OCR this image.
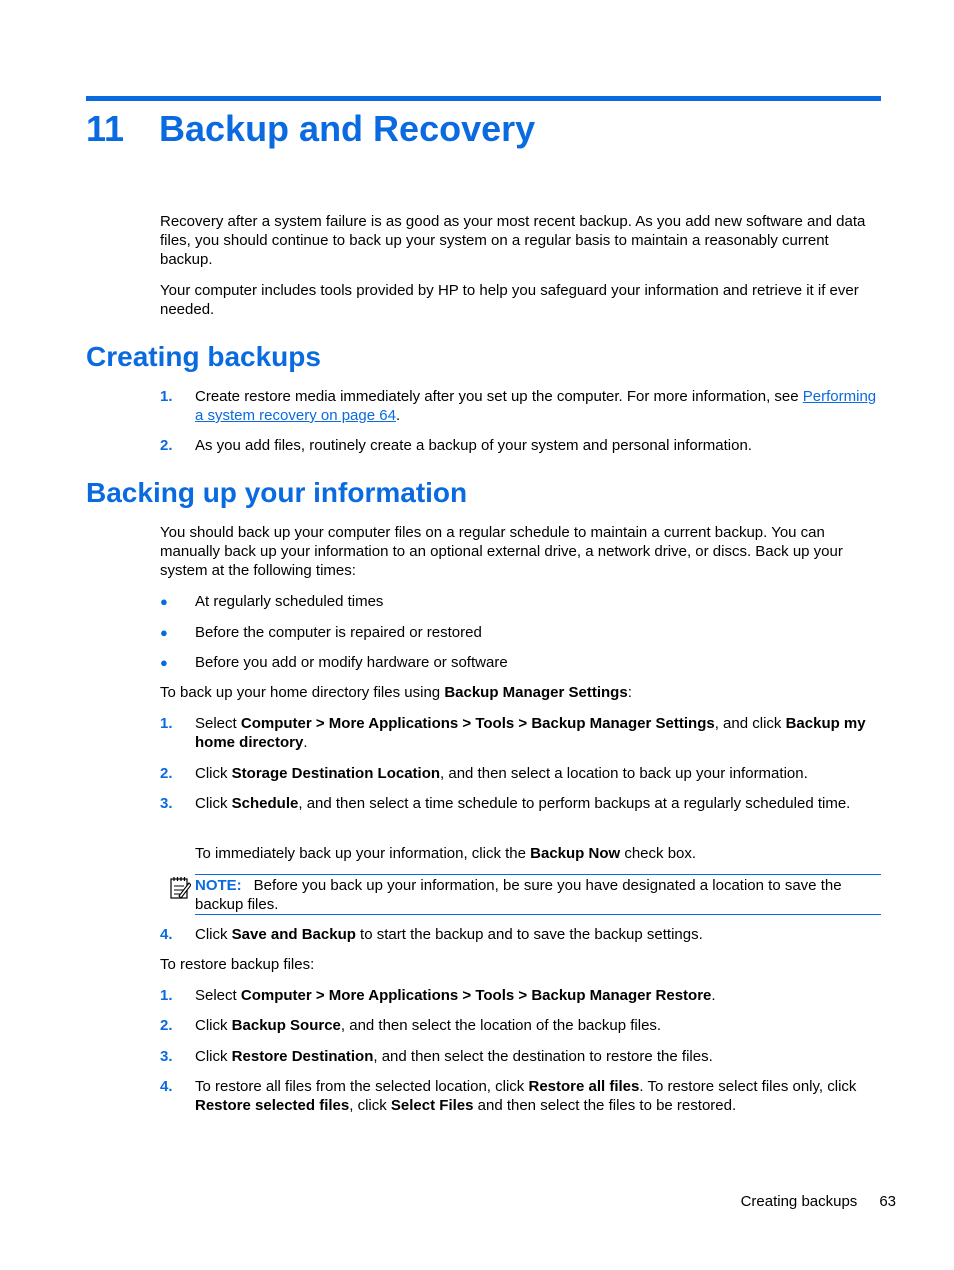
11 Backup and Recovery

Recovery after a system failure is as good as your most recent backup. As you add new software and data files, you should continue to back up your system on a regular basis to maintain a reasonably current backup.

Your computer includes tools provided by HP to help you safeguard your information and retrieve it if ever needed.

Creating backups
1. Create restore media immediately after you set up the computer. For more information, see Performing a system recovery on page 64.
2. As you add files, routinely create a backup of your system and personal information.
Backing up your information

You should back up your computer files on a regular schedule to maintain a current backup. You can manually back up your information to an optional external drive, a network drive, or discs. Back up your system at the following times:

● At regularly scheduled times
● Before the computer is repaired or restored
● Before you add or modify hardware or software

To back up your home directory files using Backup Manager Settings:

1. Select Computer > More Applications > Tools > Backup Manager Settings, and click Backup my home directory.
2. Click Storage Destination Location, and then select a location to back up your information.
3. Click Schedule, and then select a time schedule to perform backups at a regularly scheduled time.

To immediately back up your information, click the Backup Now check box.

NOTE: Before you back up your information, be sure you have designated a location to save the backup files.
4. Click Save and Backup to start the backup and to save the backup settings.

To restore backup files:

1. Select Computer > More Applications > Tools > Backup Manager Restore.
2. Click Backup Source, and then select the location of the backup files.
3. Click Restore Destination, and then select the destination to restore the files.
4. To restore all files from the selected location, click Restore all files. To restore select files only, click Restore selected files, click Select Files and then select the files to be restored.
Creating backups 63
